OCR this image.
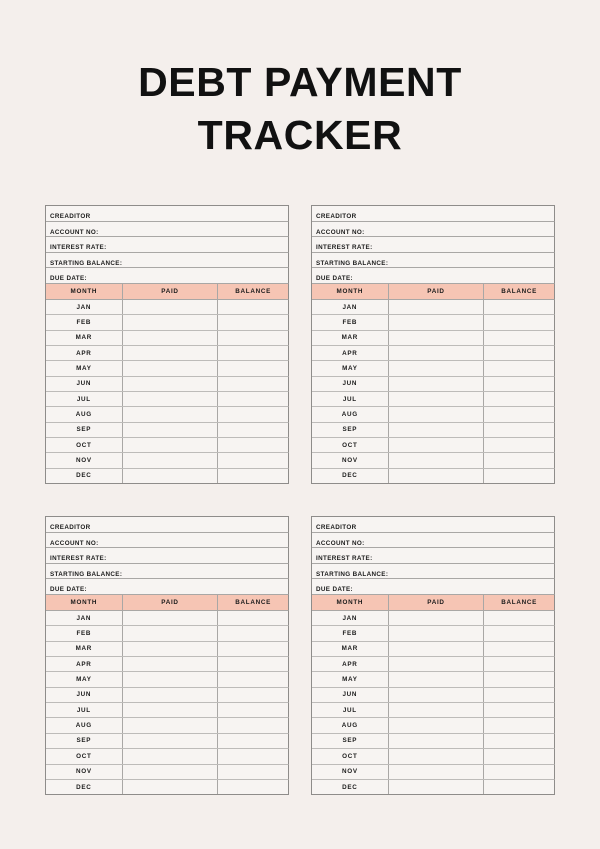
DEBT PAYMENT
TRACKER
CREADITOR
ACCOUNT NO:
INTEREST RATE:
STARTING BALANCE:
DUE DATE:
MONTH	PAID	BALANCE
JAN
FEB
MAR
APR
MAY
JUN
JUL
AUG
SEP
OCT
NOV
DEC
CREADITOR
ACCOUNT NO:
INTEREST RATE:
STARTING BALANCE:
DUE DATE:
MONTH	PAID	BALANCE
JAN
FEB
MAR
APR
MAY
JUN
JUL
AUG
SEP
OCT
NOV
DEC
CREADITOR
ACCOUNT NO:
INTEREST RATE:
STARTING BALANCE:
DUE DATE:
MONTH	PAID	BALANCE
JAN
FEB
MAR
APR
MAY
JUN
JUL
AUG
SEP
OCT
NOV
DEC
CREADITOR
ACCOUNT NO:
INTEREST RATE:
STARTING BALANCE:
DUE DATE:
MONTH	PAID	BALANCE
JAN
FEB
MAR
APR
MAY
JUN
JUL
AUG
SEP
OCT
NOV
DEC
